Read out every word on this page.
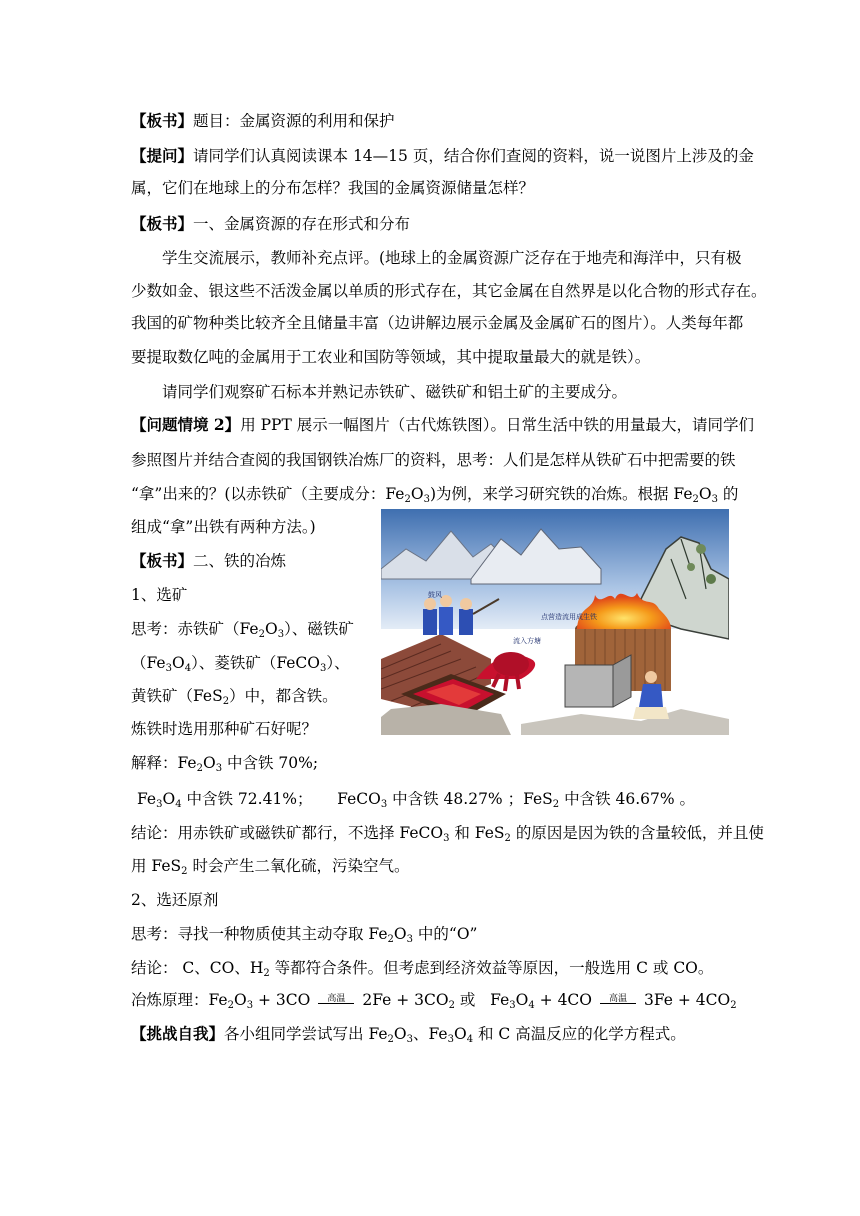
【板书】题目：金属资源的利用和保护
【提问】请同学们认真阅读课本 14—15 页，结合你们查阅的资料，说一说图片上涉及的金
属，它们在地球上的分布怎样？我国的金属资源储量怎样？
【板书】一、金属资源的存在形式和分布
学生交流展示，教师补充点评。(地球上的金属资源广泛存在于地壳和海洋中，只有极
少数如金、银这些不活泼金属以单质的形式存在，其它金属在自然界是以化合物的形式存在。
我国的矿物种类比较齐全且储量丰富（边讲解边展示金属及金属矿石的图片）。人类每年都
要提取数亿吨的金属用于工农业和国防等领域，其中提取量最大的就是铁）。
请同学们观察矿石标本并熟记赤铁矿、磁铁矿和铝土矿的主要成分。
【问题情境 2】用 PPT 展示一幅图片（古代炼铁图）。日常生活中铁的用量最大，请同学们
参照图片并结合查阅的我国钢铁冶炼厂的资料，思考：人们是怎样从铁矿石中把需要的铁
“拿”出来的？(以赤铁矿（主要成分：$Fe_2O_3$)为例，来学习研究铁的冶炼。根据 $Fe_2O_3$ 的
组成“拿”出铁有两种方法。)
【板书】二、铁的冶炼
1、选矿
思考：赤铁矿$(Fe_2O_3)$、磁铁矿
$(Fe_3O_4)$、菱铁矿（FeCO$_3$）、
黄铁矿（FeS$_2$）中，都含铁。
炼铁时选用那种矿石好呢？
解释：$Fe_2O_3$ 中含铁 70%;
$Fe_3O_4$ 中含铁 72.41%； FeCO$_3$ 中含铁 48.27% ；FeS$_2$ 中含铁 46.67% 。
结论：用赤铁矿或磁铁矿都行，不选择 FeCO$_3$ 和 FeS$_2$ 的原因是因为铁的含量较低，并且使
用 FeS$_2$ 时会产生二氧化硫，污染空气。
2、选还原剂
思考：寻找一种物质使其主动夺取 $Fe_2O_3$ 中的“O”
结论： C、CO、$H_2$ 等都符合条件。但考虑到经济效益等原因，一般选用 C 或 CO。
冶炼原理：$Fe_2O_3 + 3CO$	高温	$2Fe + 3CO_2$ 或 $Fe_3O_4 + 4CO$	高温	$3Fe + 4CO_2$
【挑战自我】各小组同学尝试写出 $Fe_2O_3$、$Fe_3O_4$ 和 C 高温反应的化学方程式。
鼓风
流入方塘
点营造流用成生铁
